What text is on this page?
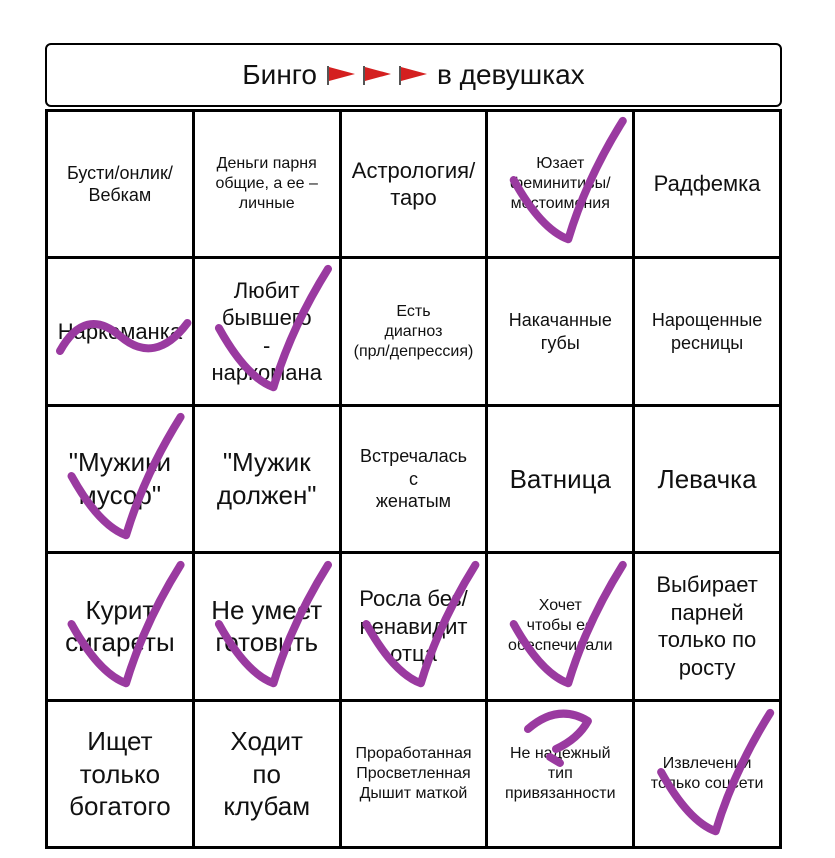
Бинго	в девушках
Бусти/онлик/
Вебкам
Деньги парня
общие, а ее –
личные
Астрология/
таро
Юзает
феминитивы/
местоимения
Радфемка
Наркоманка
Любит
бывшего
-
наркомана
Есть
диагноз
(прл/депрессия)
Накачанные
губы
Нарощенные
ресницы
"Мужики
мусор"
"Мужик
должен"
Встречалась
с
женатым
Ватница	Левачка
Курит
сигареты
Не умеет
готовить
Росла без/
ненавидит
отца
Хочет
чтобы ее
обеспечивали
Выбирает
парней
только по
росту
Ищет
только
богатого
Ходит
по
клубам
Проработанная
Просветленная
Дышит маткой
Не надежный
тип
привязанности
Извлечений
только соцсети
